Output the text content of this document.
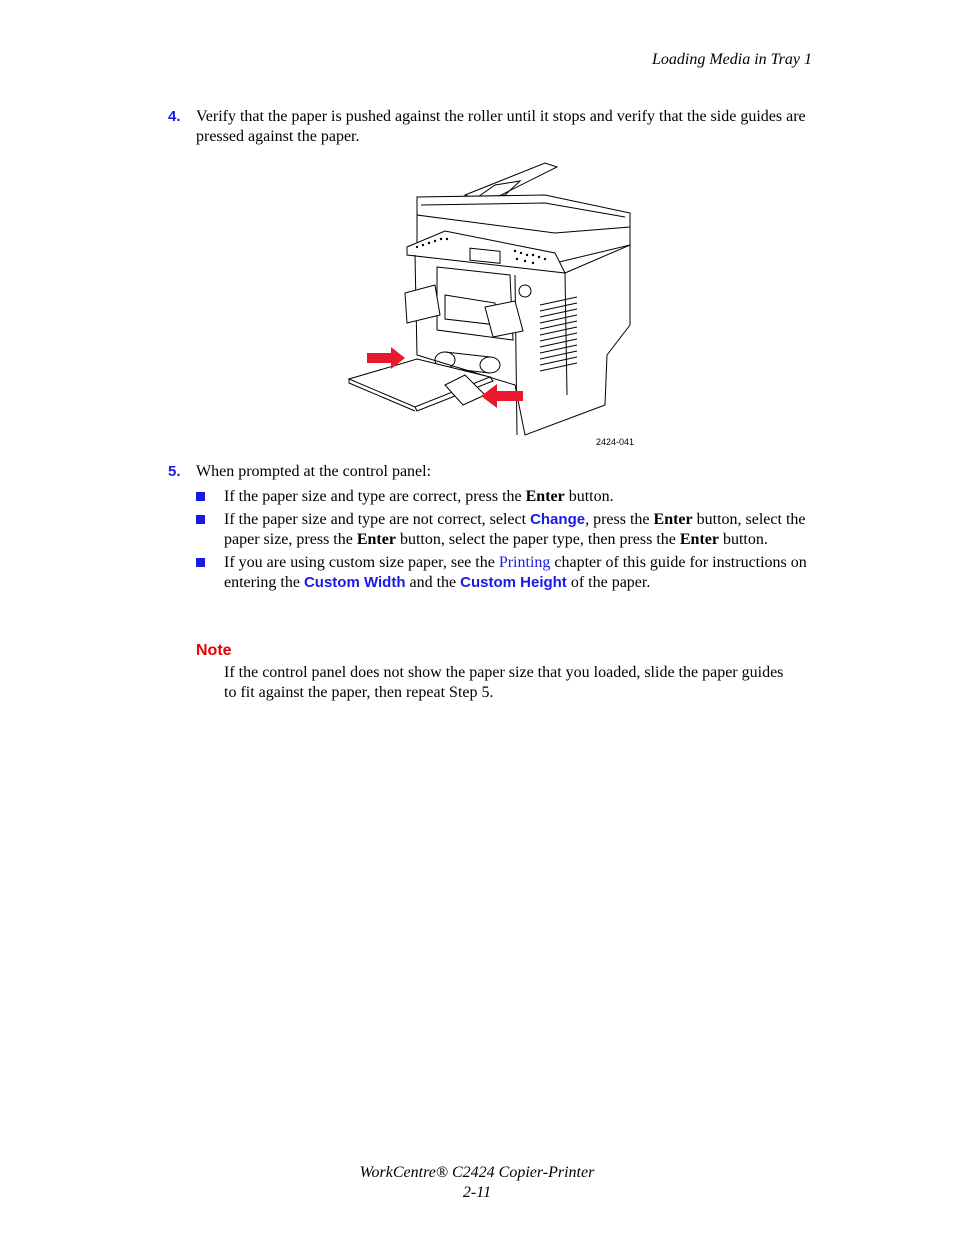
Loading Media in Tray 1
4. Verify that the paper is pushed against the roller until it stops and verify that the side guides are pressed against the paper.
2424-041
5. When prompted at the control panel:
If the paper size and type are correct, press the Enter button.
If the paper size and type are not correct, select Change, press the Enter button, select the paper size, press the Enter button, select the paper type, then press the Enter button.
If you are using custom size paper, see the Printing chapter of this guide for instructions on entering the Custom Width and the Custom Height of the paper.
Note
If the control panel does not show the paper size that you loaded, slide the paper guides to fit against the paper, then repeat Step 5.
WorkCentre® C2424 Copier-Printer
2-11
